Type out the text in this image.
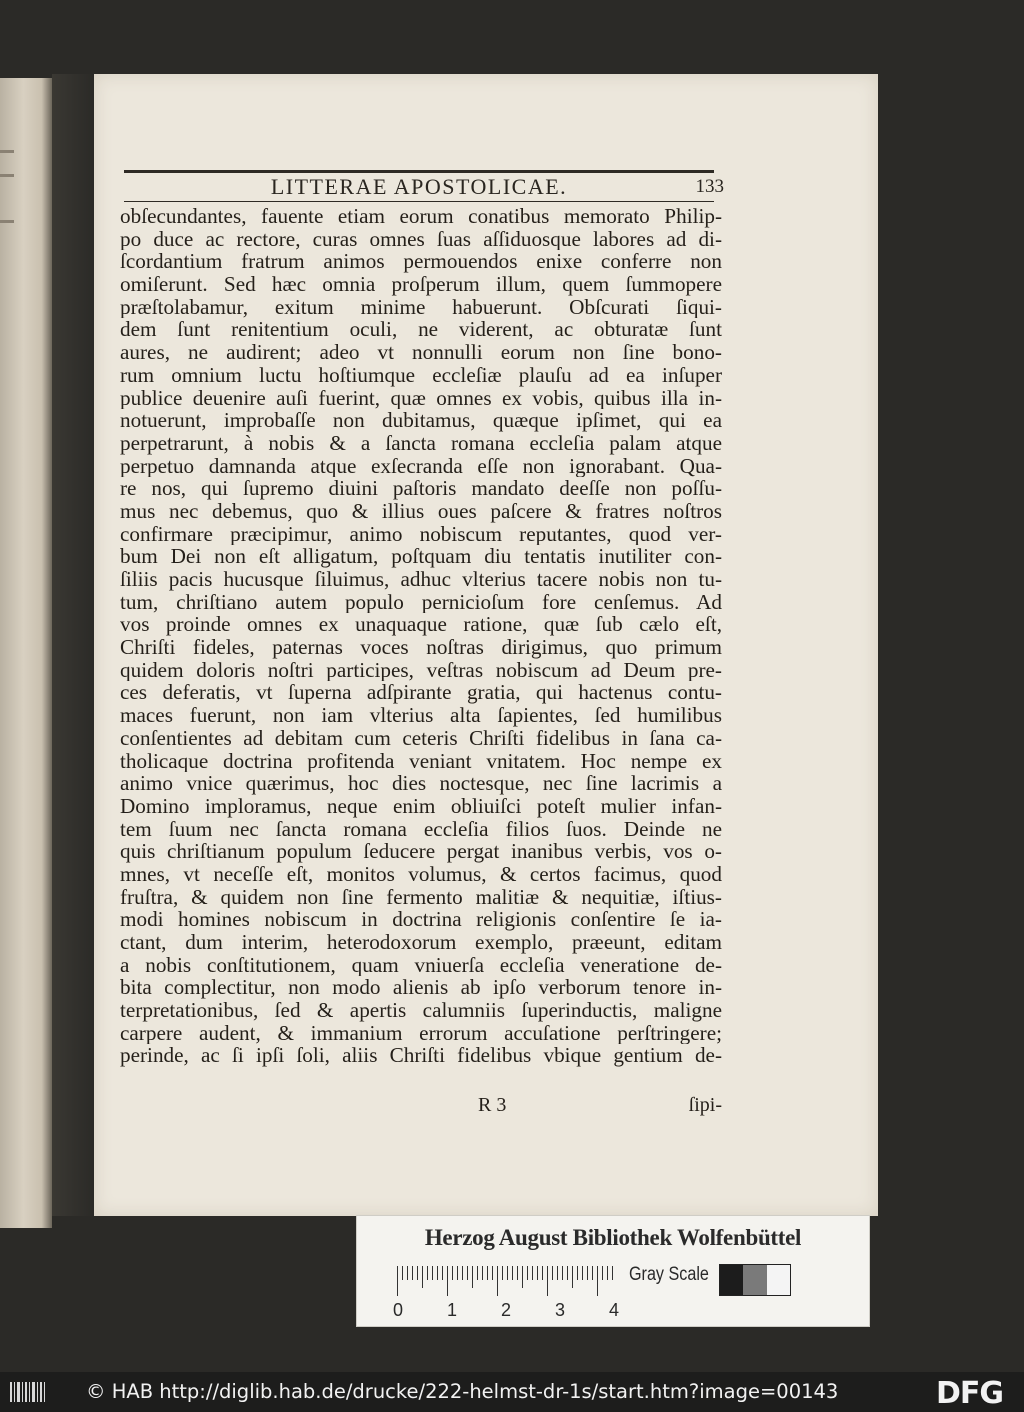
LITTERAE APOSTOLICAE.	133
obſecundantes, fauente etiam eorum conatibus memorato Philip-
po duce ac rectore, curas omnes ſuas aſſiduosque labores ad di-
ſcordantium fratrum animos permouendos enixe conferre non
omiſerunt. Sed hæc omnia proſperum illum, quem ſummopere
præſtolabamur, exitum minime habuerunt. Obſcurati ſiqui-
dem ſunt renitentium oculi, ne viderent, ac obturatæ ſunt
aures, ne audirent; adeo vt nonnulli eorum non ſine bono-
rum omnium luctu hoſtiumque eccleſiæ plauſu ad ea inſuper
publice deuenire auſi fuerint, quæ omnes ex vobis, quibus illa in-
notuerunt, improbaſſe non dubitamus, quæque ipſimet, qui ea
perpetrarunt, à nobis & a ſancta romana eccleſia palam atque
perpetuo damnanda atque exſecranda eſſe non ignorabant. Qua-
re nos, qui ſupremo diuini paſtoris mandato deeſſe non poſſu-
mus nec debemus, quo & illius oues paſcere & fratres noſtros
confirmare præcipimur, animo nobiscum reputantes, quod ver-
bum Dei non eſt alligatum, poſtquam diu tentatis inutiliter con-
ſiliis pacis hucusque ſiluimus, adhuc vlterius tacere nobis non tu-
tum, chriſtiano autem populo pernicioſum fore cenſemus. Ad
vos proinde omnes ex unaquaque ratione, quæ ſub cælo eſt,
Chriſti fideles, paternas voces noſtras dirigimus, quo primum
quidem doloris noſtri participes, veſtras nobiscum ad Deum pre-
ces deferatis, vt ſuperna adſpirante gratia, qui hactenus contu-
maces fuerunt, non iam vlterius alta ſapientes, ſed humilibus
conſentientes ad debitam cum ceteris Chriſti fidelibus in ſana ca-
tholicaque doctrina profitenda veniant vnitatem. Hoc nempe ex
animo vnice quærimus, hoc dies noctesque, nec ſine lacrimis a
Domino imploramus, neque enim obliuiſci poteſt mulier infan-
tem ſuum nec ſancta romana eccleſia filios ſuos. Deinde ne
quis chriſtianum populum ſeducere pergat inanibus verbis, vos o-
mnes, vt neceſſe eſt, monitos volumus, & certos facimus, quod
fruſtra, & quidem non ſine fermento malitiæ & nequitiæ, iſtius-
modi homines nobiscum in doctrina religionis conſentire ſe ia-
ctant, dum interim, heterodoxorum exemplo, præeunt, editam
a nobis conſtitutionem, quam vniuerſa eccleſia veneratione de-
bita complectitur, non modo alienis ab ipſo verborum tenore in-
terpretationibus, ſed & apertis calumniis ſuperinductis, maligne
carpere audent, & immanium errorum accuſatione perſtringere;
perinde, ac ſi ipſi ſoli, aliis Chriſti fidelibus vbique gentium de-
R 3	ſipi-
Herzog August Bibliothek Wolfenbüttel
0 1 2 3 4
Gray Scale
© HAB http://diglib.hab.de/drucke/222-helmst-dr-1s/start.htm?image=00143	DFG
